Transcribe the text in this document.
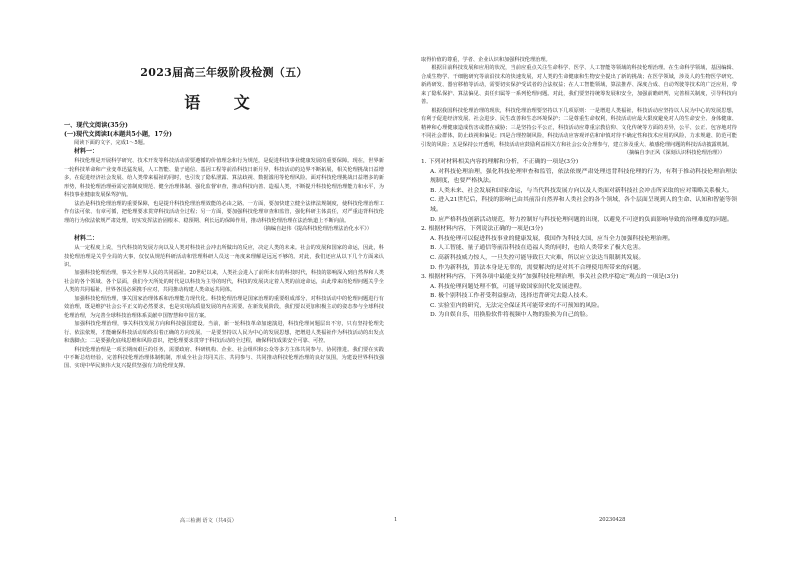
2023届高三年级阶段检测（五）
语 文
一、现代文阅读(35分)
(一)现代文阅读Ⅰ(本题共5小题，17分)
阅读下面的文字，完成1～5题。
材料一：

科技伦理是开展科学研究、技术开发等科技活动需要遵循的价值理念和行为规范，是促进科技事业健康发展的重要保障。现在，世界新一轮科技革命和产业变革迅猛发展，人工智能、量子通信、基因工程等前沿科技日新月异，科技活动的边界不断拓展，相关伦理挑战日益增多，在促进经济社会发展、给人类带来福祉的同时，也引发了隐私泄露、算法歧视、数据滥用等伦理风险。面对科技伦理挑战日益增多的新形势，科技伦理治理亟需完善制度规范、健全治理体制、强化监督审查，推动科技向善、造福人类，不断提升科技伦理治理能力和水平，为科技事业健康发展保驾护航。

法治是科技伦理治理的重要保障，也是提升科技伦理治理效能的必由之路。一方面，要加快建立健全法律法规制度，使科技伦理治理工作有法可依、有章可循，把伦理要求贯穿科技活动全过程；另一方面，要加强科技伦理审查和监管，强化科研主体责任，对严重违背科技伦理的行为依法依规严肃处理，切实发挥法治固根本、稳预期、利长远的保障作用，推动科技伦理治理在法治轨道上不断向前。

（摘编自赵伟《提高科技伦理治理法治化水平》）
材料二：

从一定程度上说，当代科技的发展方向以及人类对科技社会冲击所做出的反应，决定人类的未来。社会的发展和国家的命运，因此，科技伦理治理是关乎全局的大事，仅仅从规范科研活动和管理科研人员这一角度来理解是远远不够的。对此，我们还应从以下几个方面来认识。

加强科技伦理治理，事关全世界人民的共同福祉。20世纪以来，人类社会进入了前所未有的科技时代，科技的影响深入到自然界和人类社会的各个领域、各个层面，我们今天所处的时代是以科技为主导的时代，科技的发展决定着人类的前途命运，由此带来的伦理问题关乎全人类的共同福祉，世界各国必须携手应对，共同推动构建人类命运共同体。

加强科技伦理治理，事关国家治理体系和治理能力现代化。科技伦理治理是国家治理的重要组成部分，对科技活动中的伦理问题进行有效治理，既是维护社会公平正义的必然要求，也是实现高质量发展的内在需要。在新发展阶段，我们要以更加积极主动的姿态参与全球科技伦理治理，为完善全球科技治理体系贡献中国智慧和中国方案。

加强科技伦理治理，事关科技发展方向和科技强国建设。当前，新一轮科技革命加速演进，科技伦理问题层出不穷，只有坚持伦理先行、依法依规，才能确保科技活动始终沿着正确的方向发展。一是要坚持以人民为中心的发展思想，把增进人类福祉作为科技活动的出发点和落脚点；二是要强化底线思维和风险意识，把伦理要求贯穿于科技活动的全过程，确保科技成果安全可靠、可控。

科技伦理治理是一项长期而艰巨的任务，需要政府、科研机构、企业、社会组织和公众等多方主体共同参与、协同推进。我们要在实践中不断总结经验，完善科技伦理治理体制机制，形成全社会共同关注、共同参与、共同推动科技伦理治理的良好氛围，为建设世界科技强国、实现中华民族伟大复兴提供坚强有力的伦理支撑。

取得价值的尊重，学者、企业认识和加强科技伦理治理。

根据目前科技发展和应用的状况，当前应重点关注生命科学、医学、人工智能等领域的科技伦理治理。在生命科学领域，基因编辑、合成生物学、干细胞研究等前沿技术的快速发展，对人类的生命健康和生物安全提出了新的挑战；在医学领域，涉及人的生物医学研究、新药研发、器官移植等活动，需要切实保护受试者的合法权益；在人工智能领域，算法推荐、深度合成、自动驾驶等技术的广泛应用，带来了隐私保护、算法偏见、责任归属等一系列伦理问题。对此，我们要坚持统筹发展和安全，加强前瞻研判，完善相关制度，引导科技向善。

根据我国科技伦理治理的现状，科技伦理治理要坚持以下几项原则：一是增进人类福祉，科技活动应坚持以人民为中心的发展思想，有利于促进经济发展、社会进步、民生改善和生态环境保护；二是尊重生命权利，科技活动应最大限度避免对人的生命安全、身体健康、精神和心理健康造成伤害或潜在威胁；三是坚持公平公正，科技活动应尊重宗教信仰、文化传统等方面的差异，公平、公正、包容地对待不同社会群体，防止歧视和偏见；四是合理控制风险，科技活动应客观评估和审慎对待不确定性和技术应用的风险，力求规避、防范可能引发的风险；五是保持公开透明，科技活动应鼓励利益相关方和社会公众合理参与，建立涉及重大、敏感伦理问题的科技活动披露机制。

（摘编自李正风《深刻认识科技伦理治理》）

1. 下列对材料相关内容的理解和分析，不正确的一项是(3分)

A. 对科技伦理治理，强化科技伦理审查和监管，依法依规严肃处理违背科技伦理的行为，有利于推动科技伦理治理法规制度，也要严格执法。

B. 人类未来、社会发展和国家命运，与当代科技发展方向以及人类面对新科技社会冲击所采取的应对策略关系极大。

C. 进入21世纪后，科技的影响已由其前沿自然界和人类社会的各个领域，各个层面呈现到人的生命、认知和智能等领域。

D. 应严格科技创新活动规范，努力控制好与科技伦理问题的出现，以避免不可逆的负面影响导致的治理难度的问题。

2. 根据材料内容，下列说法正确的一项是(3分)

A. 科技伦理可以促进科技事业的健康发展，我国作为科技大国，应当全力加强科技伦理治理。

B. 人工智能、量子通信等前沿科技在造福人类的同时，也给人类带来了极大危害。

C. 高新科技威力惊人，一旦失控可能导致巨大灾难，所以应立法达当限制其发展。

D. 作为新科技，算法本身是无辜的，需要解决的是对其不合理使用所带来的问题。

3. 根据材料内容，下列各项中最能支持“加强科技伦理治理，事关社会秩序稳定”观点的一项是(3分)

A. 科技伦理问题处理不慎，可能导致国家间代化发展进程。

B. 极个别科技工作者受利益驱动，选择违背研究去隐人技术。

C. 实验室内的研究，无法完全保证其可能带来的不可预知的风险。

D. 为自娱自乐，用换脸软件将视频中人物的脸换为自己的脸。

高三检测 语文（共4页）	1	20230428
